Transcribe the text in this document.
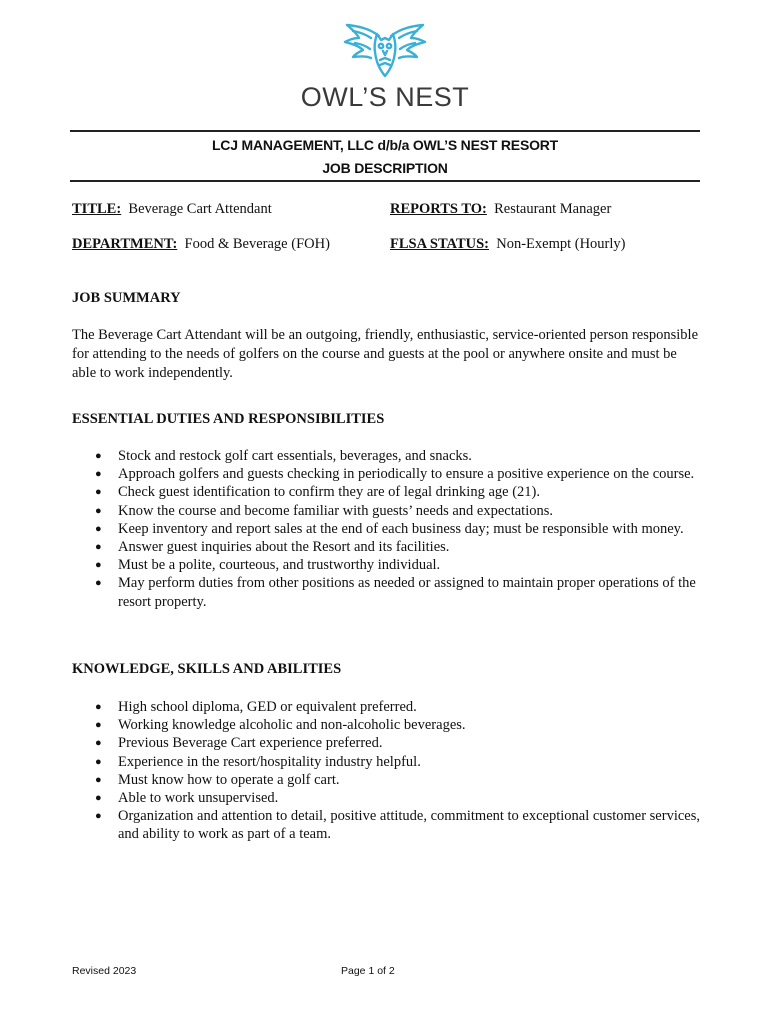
OWL’S NEST
LCJ MANAGEMENT, LLC d/b/a OWL’S NEST RESORT
JOB DESCRIPTION
TITLE: Beverage Cart Attendant	REPORTS TO: Restaurant Manager
DEPARTMENT: Food & Beverage (FOH)	FLSA STATUS: Non-Exempt (Hourly)
JOB SUMMARY
The Beverage Cart Attendant will be an outgoing, friendly, enthusiastic, service-oriented person responsible for attending to the needs of golfers on the course and guests at the pool or anywhere onsite and must be able to work independently.
ESSENTIAL DUTIES AND RESPONSIBILITIES
● Stock and restock golf cart essentials, beverages, and snacks.
● Approach golfers and guests checking in periodically to ensure a positive experience on the course.
● Check guest identification to confirm they are of legal drinking age (21).
● Know the course and become familiar with guests’ needs and expectations.
● Keep inventory and report sales at the end of each business day; must be responsible with money.
● Answer guest inquiries about the Resort and its facilities.
● Must be a polite, courteous, and trustworthy individual.
● May perform duties from other positions as needed or assigned to maintain proper operations of the resort property.
KNOWLEDGE, SKILLS AND ABILITIES
● High school diploma, GED or equivalent preferred.
● Working knowledge alcoholic and non-alcoholic beverages.
● Previous Beverage Cart experience preferred.
● Experience in the resort/hospitality industry helpful.
● Must know how to operate a golf cart.
● Able to work unsupervised.
● Organization and attention to detail, positive attitude, commitment to exceptional customer services, and ability to work as part of a team.
Revised 2023	Page 1 of 2
